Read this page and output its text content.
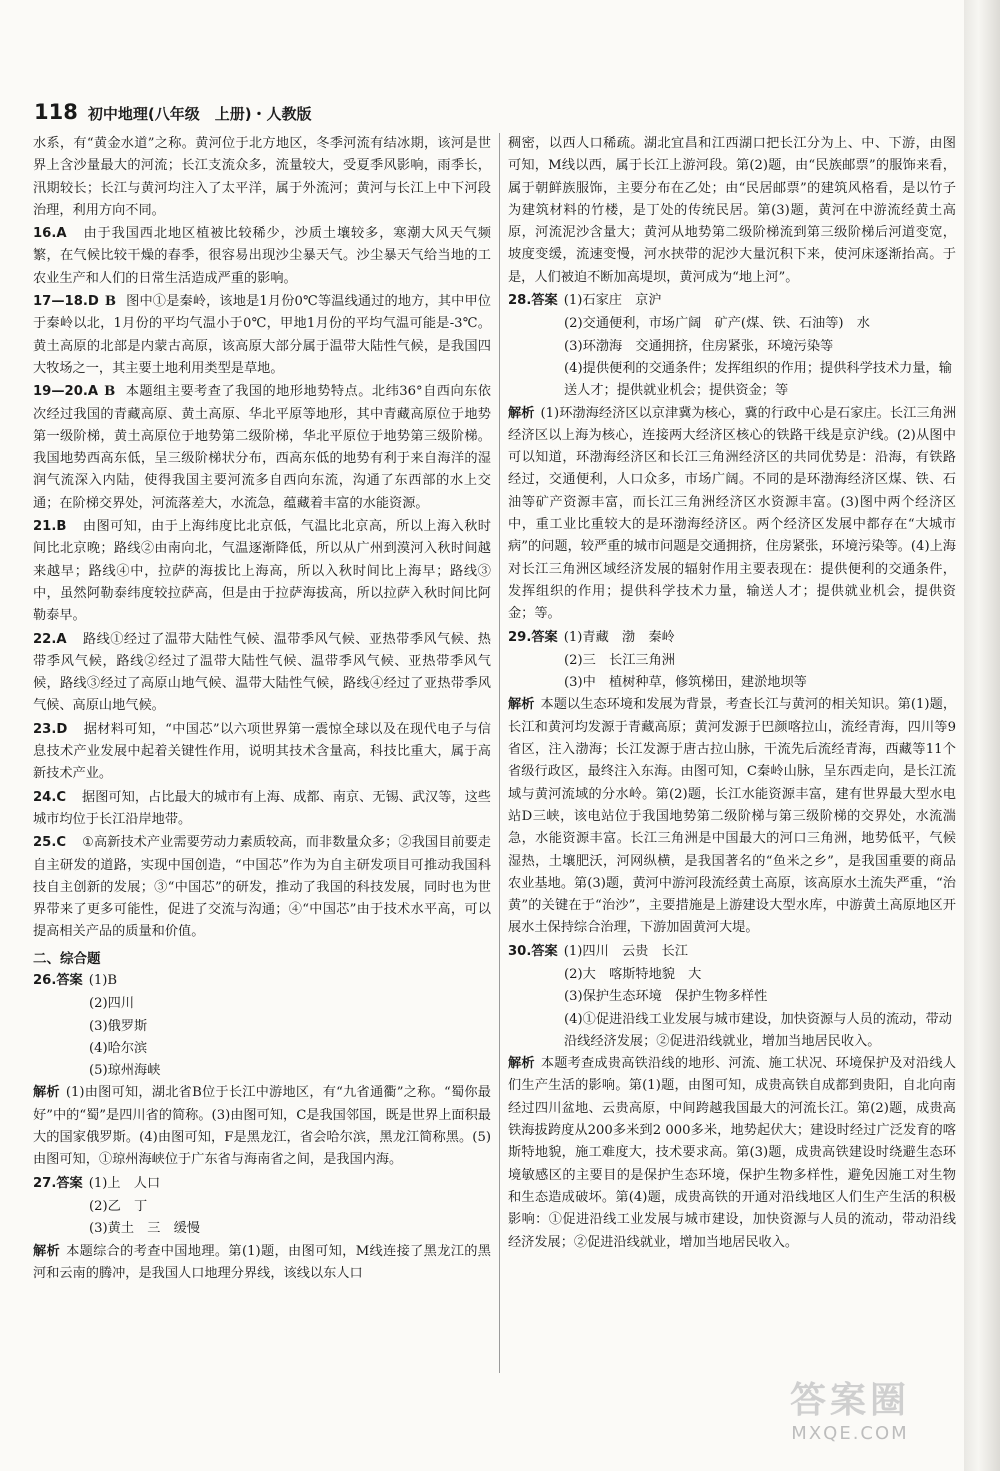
118 初中地理(八年级　上册)・人教版
水系，有“黄金水道”之称。黄河位于北方地区，冬季河流有结冰期，该河是世界上含沙量最大的河流；长江支流众多，流量较大，受夏季风影响，雨季长，汛期较长；长江与黄河均注入了太平洋，属于外流河；黄河与长江上中下河段治理，利用方向不同。
16.A 由于我国西北地区植被比较稀少，沙质土壤较多，寒潮大风天气频繁，在气候比较干燥的春季，很容易出现沙尘暴天气。沙尘暴天气给当地的工农业生产和人们的日常生活造成严重的影响。
17—18.D B 图中①是秦岭，该地是1月份0℃等温线通过的地方，其中甲位于秦岭以北，1月份的平均气温小于0℃，甲地1月份的平均气温可能是-3℃。黄土高原的北部是内蒙古高原，该高原大部分属于温带大陆性气候，是我国四大牧场之一，其主要土地利用类型是草地。
19—20.A B 本题组主要考查了我国的地形地势特点。北纬36°自西向东依次经过我国的青藏高原、黄土高原、华北平原等地形，其中青藏高原位于地势第一级阶梯，黄土高原位于地势第二级阶梯，华北平原位于地势第三级阶梯。我国地势西高东低，呈三级阶梯状分布，西高东低的地势有利于来自海洋的湿润气流深入内陆，使得我国主要河流多自西向东流，沟通了东西部的水上交通；在阶梯交界处，河流落差大，水流急，蕴藏着丰富的水能资源。
21.B 由图可知，由于上海纬度比北京低，气温比北京高，所以上海入秋时间比北京晚；路线②由南向北，气温逐渐降低，所以从广州到漠河入秋时间越来越早；路线④中，拉萨的海拔比上海高，所以入秋时间比上海早；路线③中，虽然阿勒泰纬度较拉萨高，但是由于拉萨海拔高，所以拉萨入秋时间比阿勒泰早。
22.A 路线①经过了温带大陆性气候、温带季风气候、亚热带季风气候、热带季风气候，路线②经过了温带大陆性气候、温带季风气候、亚热带季风气候，路线③经过了高原山地气候、温带大陆性气候，路线④经过了亚热带季风气候、高原山地气候。
23.D 据材料可知，“中国芯”以六项世界第一震惊全球以及在现代电子与信息技术产业发展中起着关键性作用，说明其技术含量高，科技比重大，属于高新技术产业。
24.C 据图可知，占比最大的城市有上海、成都、南京、无锡、武汉等，这些城市均位于长江沿岸地带。
25.C ①高新技术产业需要劳动力素质较高，而非数量众多；②我国目前要走自主研发的道路，实现中国创造，“中国芯”作为为自主研发项目可推动我国科技自主创新的发展；③“中国芯”的研发，推动了我国的科技发展，同时也为世界带来了更多可能性，促进了交流与沟通；④“中国芯”由于技术水平高，可以提高相关产品的质量和价值。
二、综合题
26.答案 (1)B
(2)四川
(3)俄罗斯
(4)哈尔滨
(5)琼州海峡
解析 (1)由图可知，湖北省B位于长江中游地区，有“九省通衢”之称。“蜀你最好”中的“蜀”是四川省的简称。(3)由图可知，C是我国邻国，既是世界上面积最大的国家俄罗斯。(4)由图可知，F是黑龙江，省会哈尔滨，黑龙江简称黑。(5)由图可知，①琼州海峡位于广东省与海南省之间，是我国内海。
27.答案 (1)上　人口
(2)乙　丁
(3)黄土　三　缓慢
解析 本题综合的考查中国地理。第(1)题，由图可知，M线连接了黑龙江的黑河和云南的腾冲，是我国人口地理分界线，该线以东人口
稠密，以西人口稀疏。湖北宜昌和江西湖口把长江分为上、中、下游，由图可知，M线以西，属于长江上游河段。第(2)题，由“民族邮票”的服饰来看，属于朝鲜族服饰，主要分布在乙处；由“民居邮票”的建筑风格看，是以竹子为建筑材料的竹楼，是丁处的传统民居。第(3)题，黄河在中游流经黄土高原，河流泥沙含量大；黄河从地势第二级阶梯流到第三级阶梯后河道变宽，坡度变缓，流速变慢，河水挟带的泥沙大量沉积下来，使河床逐渐抬高。于是，人们被迫不断加高堤坝，黄河成为“地上河”。
28.答案 (1)石家庄　京沪
(2)交通便利，市场广阔　矿产(煤、铁、石油等)　水
(3)环渤海　交通拥挤，住房紧张，环境污染等
(4)提供便利的交通条件；发挥组织的作用；提供科学技术力量，输送人才；提供就业机会；提供资金；等
解析 (1)环渤海经济区以京津冀为核心，冀的行政中心是石家庄。长江三角洲经济区以上海为核心，连接两大经济区核心的铁路干线是京沪线。(2)从图中可以知道，环渤海经济区和长江三角洲经济区的共同优势是：沿海，有铁路经过，交通便利，人口众多，市场广阔。不同的是环渤海经济区煤、铁、石油等矿产资源丰富，而长江三角洲经济区水资源丰富。(3)图中两个经济区中，重工业比重较大的是环渤海经济区。两个经济区发展中都存在“大城市病”的问题，较严重的城市问题是交通拥挤，住房紧张，环境污染等。(4)上海对长江三角洲区域经济发展的辐射作用主要表现在：提供便利的交通条件，发挥组织的作用；提供科学技术力量，输送人才；提供就业机会，提供资金；等。
29.答案 (1)青藏　渤　秦岭
(2)三　长江三角洲
(3)中　植树种草，修筑梯田，建淤地坝等
解析 本题以生态环境和发展为背景，考查长江与黄河的相关知识。第(1)题，长江和黄河均发源于青藏高原；黄河发源于巴颜喀拉山，流经青海，四川等9省区，注入渤海；长江发源于唐古拉山脉，干流先后流经青海，西藏等11个省级行政区，最终注入东海。由图可知，C秦岭山脉，呈东西走向，是长江流域与黄河流域的分水岭。第(2)题，长江水能资源丰富，建有世界最大型水电站D三峡，该电站位于我国地势第二级阶梯与第三级阶梯的交界处，水流湍急，水能资源丰富。长江三角洲是中国最大的河口三角洲，地势低平，气候湿热，土壤肥沃，河网纵横，是我国著名的“鱼米之乡”，是我国重要的商品农业基地。第(3)题，黄河中游河段流经黄土高原，该高原水土流失严重，“治黄”的关键在于“治沙”，主要措施是上游建设大型水库，中游黄土高原地区开展水土保持综合治理，下游加固黄河大堤。
30.答案 (1)四川　云贵　长江
(2)大　喀斯特地貌　大
(3)保护生态环境　保护生物多样性
(4)①促进沿线工业发展与城市建设，加快资源与人员的流动，带动沿线经济发展；②促进沿线就业，增加当地居民收入。
解析 本题考查成贵高铁沿线的地形、河流、施工状况、环境保护及对沿线人们生产生活的影响。第(1)题，由图可知，成贵高铁自成都到贵阳，自北向南经过四川盆地、云贵高原，中间跨越我国最大的河流长江。第(2)题，成贵高铁海拔跨度从200多米到2 000多米，地势起伏大；建设时经过广泛发育的喀斯特地貌，施工难度大，技术要求高。第(3)题，成贵高铁建设时绕避生态环境敏感区的主要目的是保护生态环境，保护生物多样性，避免因施工对生物和生态造成破坏。第(4)题，成贵高铁的开通对沿线地区人们生产生活的积极影响：①促进沿线工业发展与城市建设，加快资源与人员的流动，带动沿线经济发展；②促进沿线就业，增加当地居民收入。
答案圈
MXQE.COM
